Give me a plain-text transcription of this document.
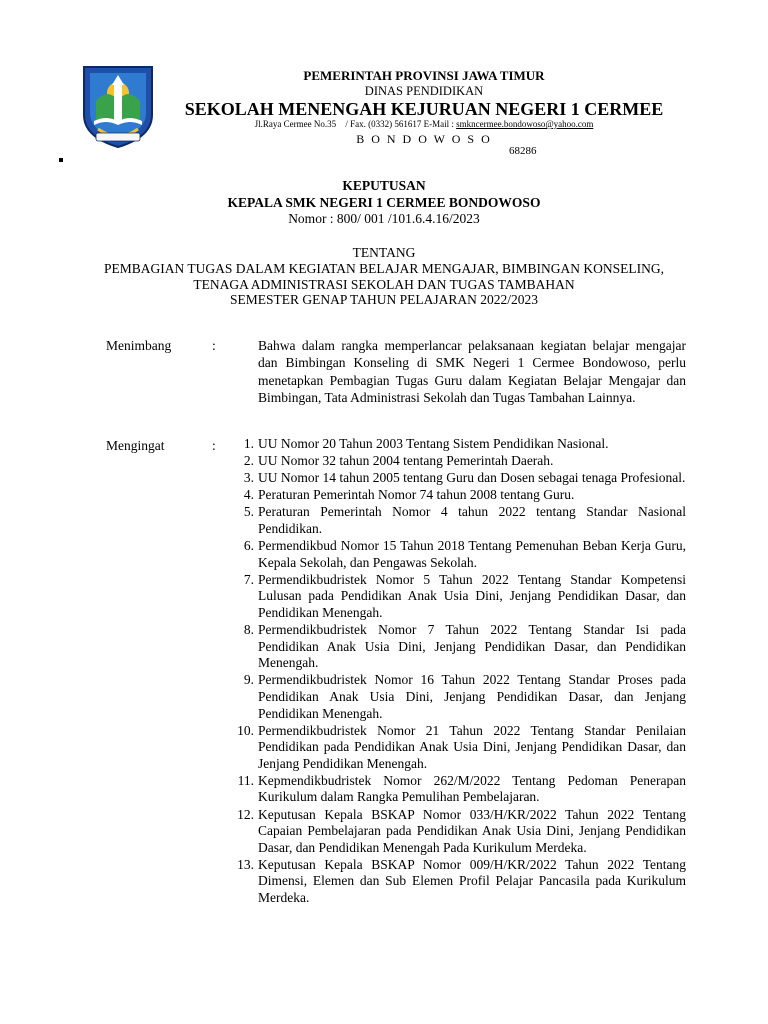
PEMERINTAH PROVINSI JAWA TIMUR
DINAS PENDIDIKAN
SEKOLAH MENENGAH KEJURUAN NEGERI 1 CERMEE
Jl.Raya Cermee No.35  / Fax. (0332) 561617 E-Mail : smkncermee.bondowoso@yahoo.com
B O N D O W O S O
68286
KEPUTUSAN
KEPALA SMK NEGERI 1 CERMEE BONDOWOSO
Nomor : 800/ 001 /101.6.4.16/2023
TENTANG
PEMBAGIAN TUGAS DALAM KEGIATAN BELAJAR MENGAJAR, BIMBINGAN KONSELING,
TENAGA ADMINISTRASI SEKOLAH DAN TUGAS TAMBAHAN
SEMESTER GENAP TAHUN PELAJARAN 2022/2023
Menimbang	:	Bahwa dalam rangka memperlancar pelaksanaan kegiatan belajar mengajar dan Bimbingan Konseling di SMK Negeri 1 Cermee Bondowoso, perlu menetapkan Pembagian Tugas Guru dalam Kegiatan Belajar Mengajar dan Bimbingan, Tata Administrasi Sekolah dan Tugas Tambahan Lainnya.
Mengingat	:	1. UU Nomor 20 Tahun 2003 Tentang Sistem Pendidikan Nasional.
2. UU Nomor 32 tahun 2004 tentang Pemerintah Daerah.
3. UU Nomor 14 tahun 2005 tentang Guru dan Dosen sebagai tenaga Profesional.
4. Peraturan Pemerintah Nomor 74 tahun 2008 tentang Guru.
5. Peraturan Pemerintah Nomor 4 tahun 2022 tentang Standar Nasional Pendidikan.
6. Permendikbud Nomor 15 Tahun 2018 Tentang Pemenuhan Beban Kerja Guru, Kepala Sekolah, dan Pengawas Sekolah.
7. Permendikbudristek Nomor 5 Tahun 2022 Tentang Standar Kompetensi Lulusan pada Pendidikan Anak Usia Dini, Jenjang Pendidikan Dasar, dan Pendidikan Menengah.
8. Permendikbudristek Nomor 7 Tahun 2022 Tentang Standar Isi pada Pendidikan Anak Usia Dini, Jenjang Pendidikan Dasar, dan Pendidikan Menengah.
9. Permendikbudristek Nomor 16 Tahun 2022 Tentang Standar Proses pada Pendidikan Anak Usia Dini, Jenjang Pendidikan Dasar, dan Jenjang Pendidikan Menengah.
10. Permendikbudristek Nomor 21 Tahun 2022 Tentang Standar Penilaian Pendidikan pada Pendidikan Anak Usia Dini, Jenjang Pendidikan Dasar, dan Jenjang Pendidikan Menengah.
11. Kepmendikbudristek Nomor 262/M/2022 Tentang Pedoman Penerapan Kurikulum dalam Rangka Pemulihan Pembelajaran.
12. Keputusan Kepala BSKAP Nomor 033/H/KR/2022 Tahun 2022 Tentang Capaian Pembelajaran pada Pendidikan Anak Usia Dini, Jenjang Pendidikan Dasar, dan Pendidikan Menengah Pada Kurikulum Merdeka.
13. Keputusan Kepala BSKAP Nomor 009/H/KR/2022 Tahun 2022 Tentang Dimensi, Elemen dan Sub Elemen Profil Pelajar Pancasila pada Kurikulum Merdeka.
